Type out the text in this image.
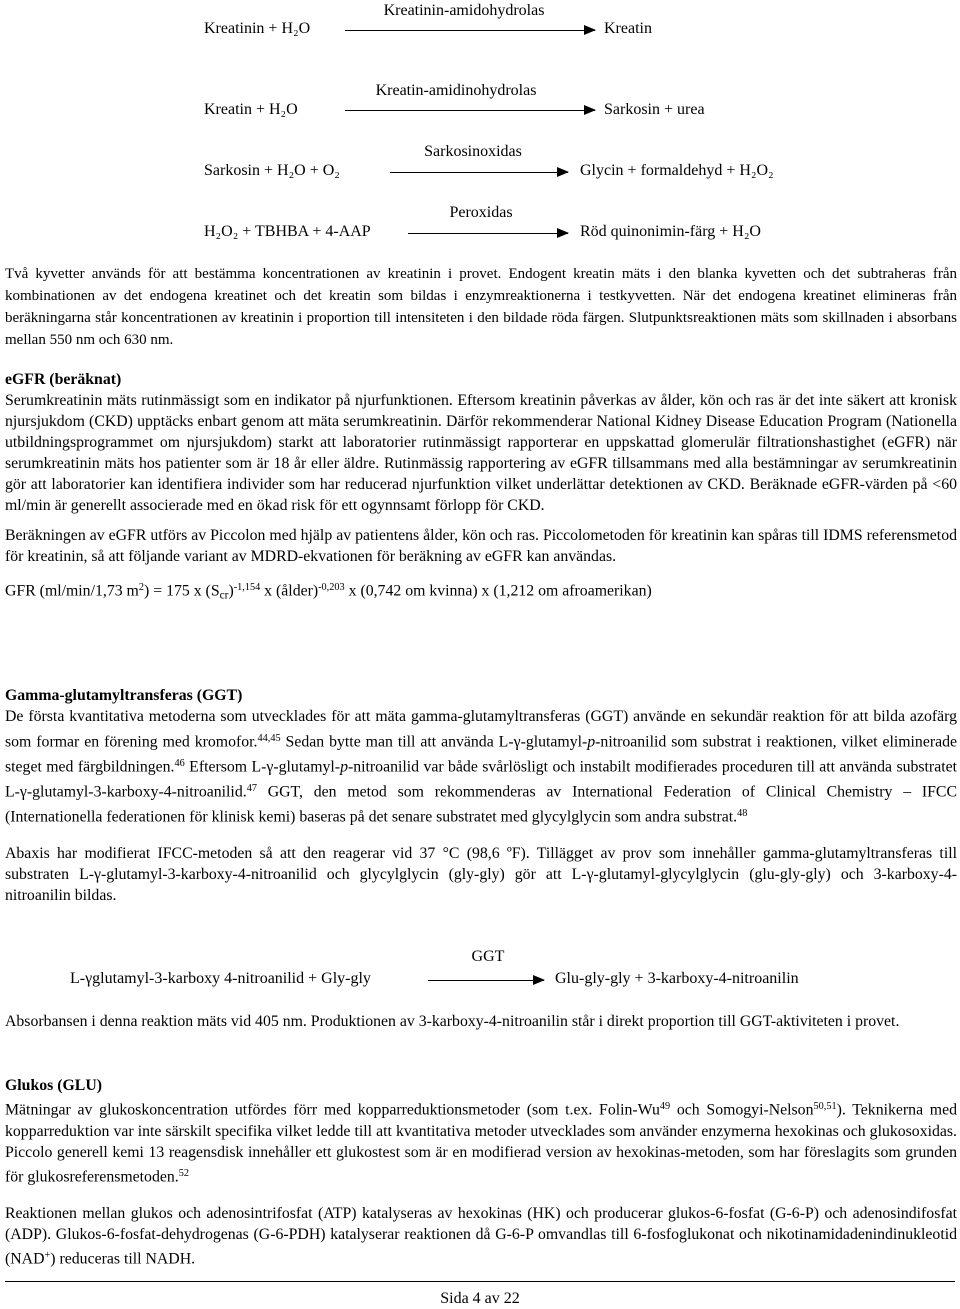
Kreatinin-amidohydrolas
Kreatinin + H₂O	Kreatin
Kreatin-amidinohydrolas
Kreatin + H₂O	Sarkosin + urea
Sarkosinoxidas
Sarkosin + H₂O + O₂	Glycin + formaldehyd + H₂O₂
Peroxidas
H₂O₂ + TBHBA + 4-AAP	Röd quinonimin-färg + H₂O

Två kyvetter används för att bestämma koncentrationen av kreatinin i provet. Endogent kreatin mäts i den blanka kyvetten och det subtraheras från kombinationen av det endogena kreatinet och det kreatin som bildas i enzymreaktionerna i testkyvetten. När det endogena kreatinet elimineras från beräkningarna står koncentrationen av kreatinin i proportion till intensiteten i den bildade röda färgen. Slutpunktsreaktionen mäts som skillnaden i absorbans mellan 550 nm och 630 nm.

eGFR (beräknat)

Serumkreatinin mäts rutinmässigt som en indikator på njurfunktionen. Eftersom kreatinin påverkas av ålder, kön och ras är det inte säkert att kronisk njursjukdom (CKD) upptäcks enbart genom att mäta serumkreatinin. Därför rekommenderar National Kidney Disease Education Program (Nationella utbildningsprogrammet om njursjukdom) starkt att laboratorier rutinmässigt rapporterar en uppskattad glomerulär filtrationshastighet (eGFR) när serumkreatinin mäts hos patienter som är 18 år eller äldre. Rutinmässig rapportering av eGFR tillsammans med alla bestämningar av serumkreatinin gör att laboratorier kan identifiera individer som har reducerad njurfunktion vilket underlättar detektionen av CKD. Beräknade eGFR-värden på <60 ml/min är generellt associerade med en ökad risk för ett ogynnsamt förlopp för CKD.

Beräkningen av eGFR utförs av Piccolon med hjälp av patientens ålder, kön och ras. Piccolometoden för kreatinin kan spåras till IDMS referensmetod för kreatinin, så att följande variant av MDRD-ekvationen för beräkning av eGFR kan användas.

GFR (ml/min/1,73 $m^2) = 175$ x $(S_{cr})^{-1,154}$ x (ålder)$^{-0,203}$ x (0,742 om kvinna) x (1,212 om afroamerikan)

Gamma-glutamyltransferas (GGT)

De första kvantitativa metoderna som utvecklades för att mäta gamma-glutamyltransferas (GGT) använde en sekundär reaktion för att bilda azofärg som formar en förening med kromofor.$^{44,45}$ Sedan bytte man till att använda L-γ-glutamyl-p-nitroanilid som substrat i reaktionen, vilket eliminerade steget med färgbildningen.$^{46}$ Eftersom L-γ-glutamyl-p-nitroanilid var både svårlösligt och instabilt modifierades proceduren till att använda substratet L-γ-glutamyl-3-karboxy-4-nitroanilid.$^{47}$ GGT, den metod som rekommenderas av International Federation of Clinical Chemistry – IFCC (Internationella federationen för klinisk kemi) baseras på det senare substratet med glycylglycin som andra substrat.$^{48}$

Abaxis har modifierat IFCC-metoden så att den reagerar vid 37 °C (98,6 ºF). Tillägget av prov som innehåller gamma-glutamyltransferas till substraten L-γ-glutamyl-3-karboxy-4-nitroanilid och glycylglycin (gly-gly) gör att L-γ-glutamyl-glycylglycin (glu-gly-gly) och 3-karboxy-4-nitroanilin bildas.

GGT
L-γglutamyl-3-karboxy 4-nitroanilid + Gly-gly	Glu-gly-gly + 3-karboxy-4-nitroanilin

Absorbansen i denna reaktion mäts vid 405 nm. Produktionen av 3-karboxy-4-nitroanilin står i direkt proportion till GGT-aktiviteten i provet.

Glukos (GLU)

Mätningar av glukoskoncentration utfördes förr med kopparreduktionsmetoder (som t.ex. Folin-Wu$^{49}$ och Somogyi-Nelson$^{50,51}$). Teknikerna med kopparreduktion var inte särskilt specifika vilket ledde till att kvantitativa metoder utvecklades som använder enzymerna hexokinas och glukosoxidas. Piccolo generell kemi 13 reagensdisk innehåller ett glukostest som är en modifierad version av hexokinas-metoden, som har föreslagits som grunden för glukosreferensmetoden.$^{52}$

Reaktionen mellan glukos och adenosintrifosfat (ATP) katalyseras av hexokinas (HK) och producerar glukos-6-fosfat (G-6-P) och adenosindifosfat (ADP). Glukos-6-fosfat-dehydrogenas (G-6-PDH) katalyserar reaktionen då G-6-P omvandlas till 6-fosfoglukonat och nikotinamidadenindinukleotid (NAD+) reduceras till NADH.

Sida 4 av 22
